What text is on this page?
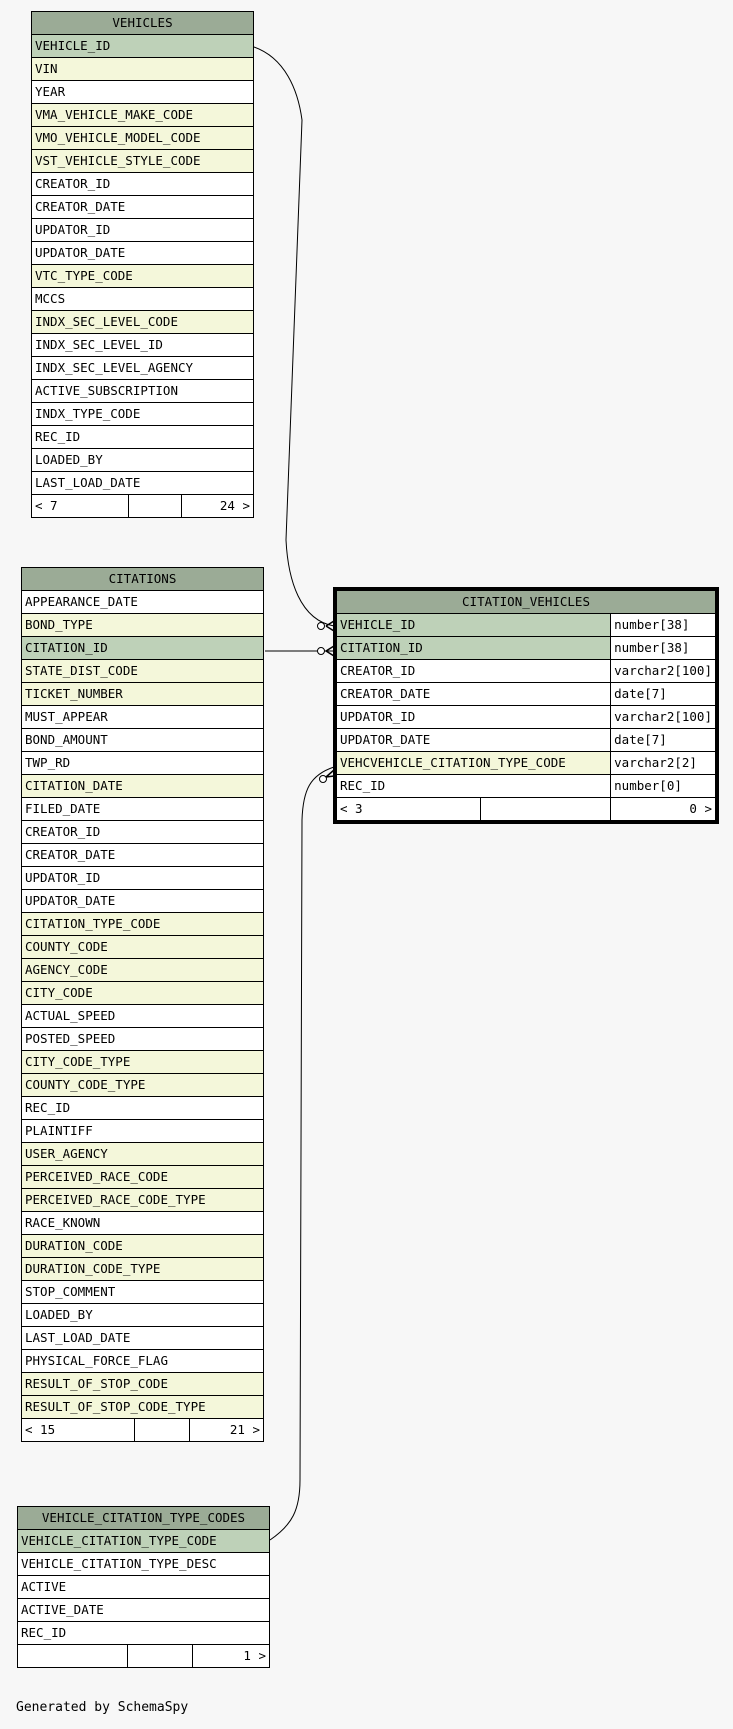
VEHICLES
VEHICLE_ID
VIN
YEAR
VMA_VEHICLE_MAKE_CODE
VMO_VEHICLE_MODEL_CODE
VST_VEHICLE_STYLE_CODE
CREATOR_ID
CREATOR_DATE
UPDATOR_ID
UPDATOR_DATE
VTC_TYPE_CODE
MCCS
INDX_SEC_LEVEL_CODE
INDX_SEC_LEVEL_ID
INDX_SEC_LEVEL_AGENCY
ACTIVE_SUBSCRIPTION
INDX_TYPE_CODE
REC_ID
LOADED_BY
LAST_LOAD_DATE
< 7		24 >
CITATIONS
APPEARANCE_DATE
BOND_TYPE
CITATION_ID
STATE_DIST_CODE
TICKET_NUMBER
MUST_APPEAR
BOND_AMOUNT
TWP_RD
CITATION_DATE
FILED_DATE
CREATOR_ID
CREATOR_DATE
UPDATOR_ID
UPDATOR_DATE
CITATION_TYPE_CODE
COUNTY_CODE
AGENCY_CODE
CITY_CODE
ACTUAL_SPEED
POSTED_SPEED
CITY_CODE_TYPE
COUNTY_CODE_TYPE
REC_ID
PLAINTIFF
USER_AGENCY
PERCEIVED_RACE_CODE
PERCEIVED_RACE_CODE_TYPE
RACE_KNOWN
DURATION_CODE
DURATION_CODE_TYPE
STOP_COMMENT
LOADED_BY
LAST_LOAD_DATE
PHYSICAL_FORCE_FLAG
RESULT_OF_STOP_CODE
RESULT_OF_STOP_CODE_TYPE
< 15		21 >
CITATION_VEHICLES		
VEHICLE_ID		number[38]
CITATION_ID		number[38]
CREATOR_ID		varchar2[100]
CREATOR_DATE		date[7]
UPDATOR_ID		varchar2[100]
UPDATOR_DATE		date[7]
VEHCVEHICLE_CITATION_TYPE_CODE		varchar2[2]
REC_ID		number[0]
< 3		0 >
VEHICLE_CITATION_TYPE_CODES
VEHICLE_CITATION_TYPE_CODE
VEHICLE_CITATION_TYPE_DESC
ACTIVE
ACTIVE_DATE
REC_ID
		1 >
Generated by SchemaSpy
